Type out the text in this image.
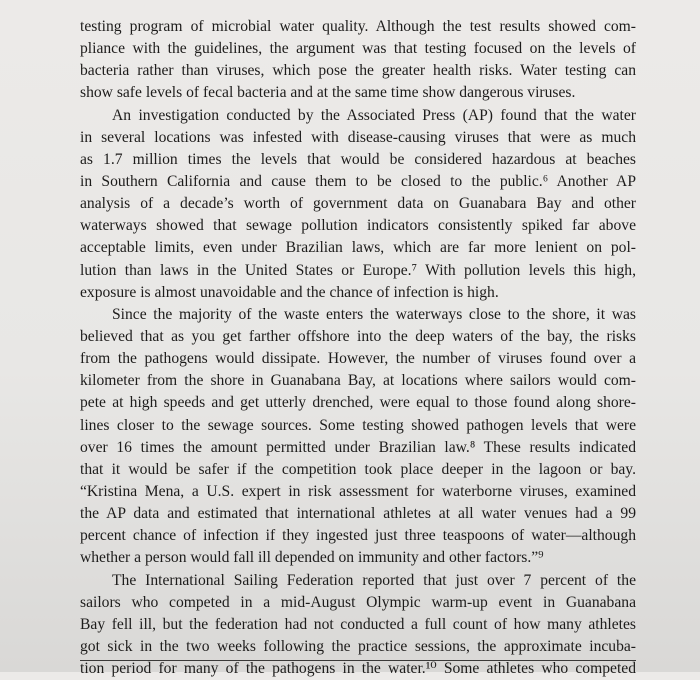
testing program of microbial water quality. Although the test results showed com-
pliance with the guidelines, the argument was that testing focused on the levels of
bacteria rather than viruses, which pose the greater health risks. Water testing can
show safe levels of fecal bacteria and at the same time show dangerous viruses.
An investigation conducted by the Associated Press (AP) found that the water
in several locations was infested with disease-causing viruses that were as much
as 1.7 million times the levels that would be considered hazardous at beaches
in Southern California and cause them to be closed to the public.⁶ Another AP
analysis of a decade’s worth of government data on Guanabara Bay and other
waterways showed that sewage pollution indicators consistently spiked far above
acceptable limits, even under Brazilian laws, which are far more lenient on pol-
lution than laws in the United States or Europe.⁷ With pollution levels this high,
exposure is almost unavoidable and the chance of infection is high.
Since the majority of the waste enters the waterways close to the shore, it was
believed that as you get farther offshore into the deep waters of the bay, the risks
from the pathogens would dissipate. However, the number of viruses found over a
kilometer from the shore in Guanabana Bay, at locations where sailors would com-
pete at high speeds and get utterly drenched, were equal to those found along shore-
lines closer to the sewage sources. Some testing showed pathogen levels that were
over 16 times the amount permitted under Brazilian law.⁸ These results indicated
that it would be safer if the competition took place deeper in the lagoon or bay.
“Kristina Mena, a U.S. expert in risk assessment for waterborne viruses, examined
the AP data and estimated that international athletes at all water venues had a 99
percent chance of infection if they ingested just three teaspoons of water—although
whether a person would fall ill depended on immunity and other factors.”⁹
The International Sailing Federation reported that just over 7 percent of the
sailors who competed in a mid-August Olympic warm-up event in Guanabana
Bay fell ill, but the federation had not conducted a full count of how many athletes
got sick in the two weeks following the practice sessions, the approximate incuba-
tion period for many of the pathogens in the water.¹⁰ Some athletes who competed
